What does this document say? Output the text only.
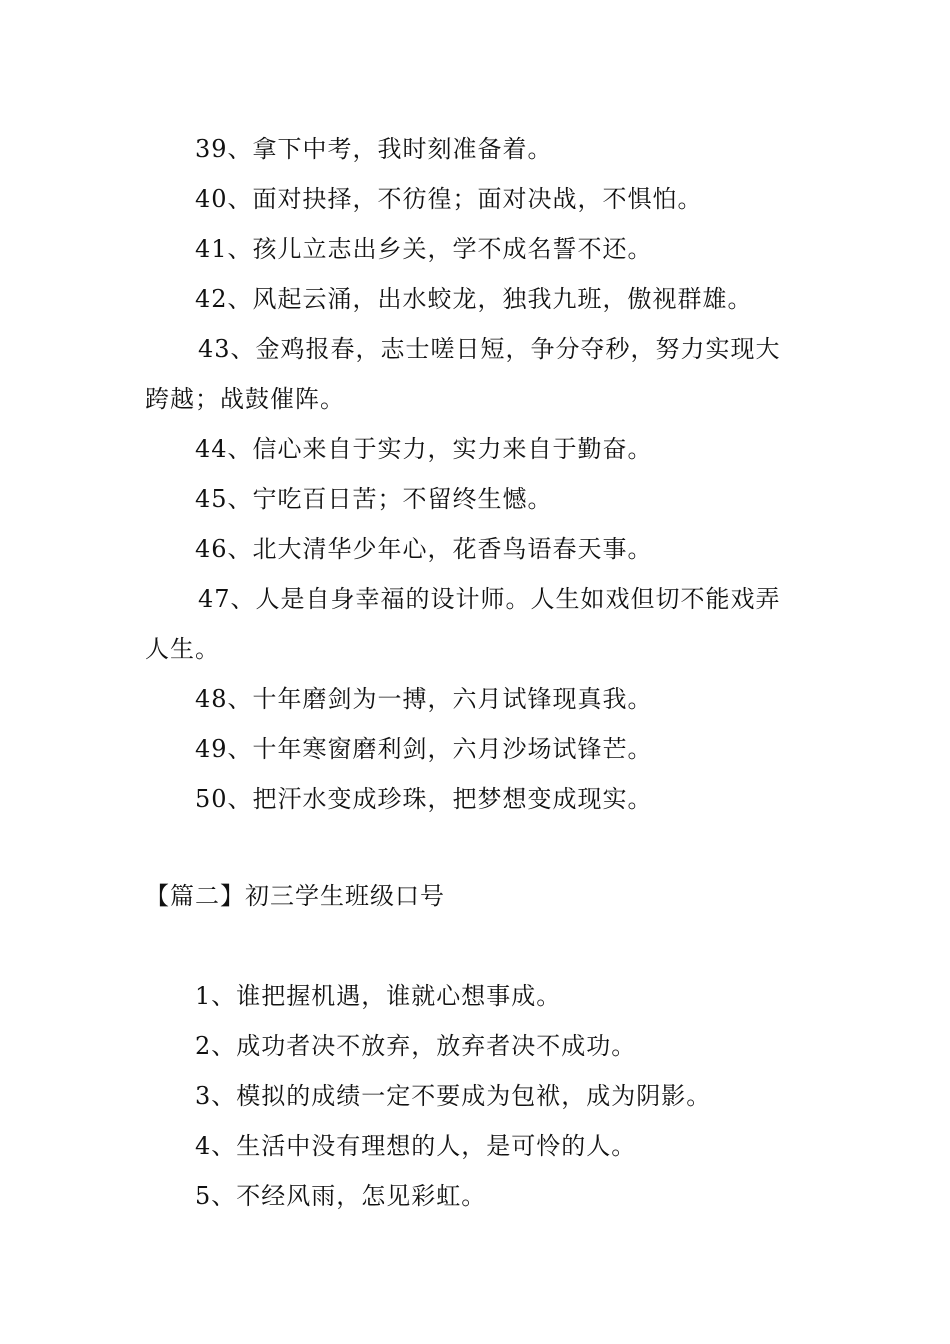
39、拿下中考，我时刻准备着。
40、面对抉择，不彷徨；面对决战，不惧怕。
41、孩儿立志出乡关，学不成名誓不还。
42、风起云涌，出水蛟龙，独我九班，傲视群雄。
43、金鸡报春，志士嗟日短，争分夺秒，努力实现大
跨越；战鼓催阵。
44、信心来自于实力，实力来自于勤奋。
45、宁吃百日苦；不留终生憾。
46、北大清华少年心，花香鸟语春天事。
47、人是自身幸福的设计师。人生如戏但切不能戏弄
人生。
48、十年磨剑为一搏，六月试锋现真我。
49、十年寒窗磨利剑，六月沙场试锋芒。
50、把汗水变成珍珠，把梦想变成现实。
【篇二】初三学生班级口号
1、谁把握机遇，谁就心想事成。
2、成功者决不放弃，放弃者决不成功。
3、模拟的成绩一定不要成为包袱，成为阴影。
4、生活中没有理想的人，是可怜的人。
5、不经风雨，怎见彩虹。
